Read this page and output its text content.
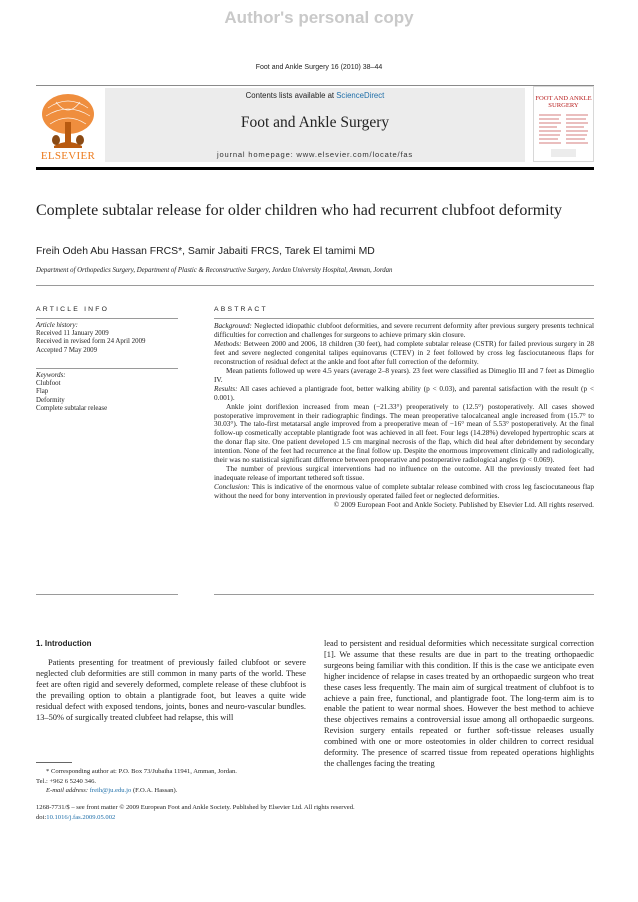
Author's personal copy
Foot and Ankle Surgery 16 (2010) 38–44
ELSEVIER
Contents lists available at ScienceDirect
Foot and Ankle Surgery
journal homepage: www.elsevier.com/locate/fas
FOOT AND ANKLE
SURGERY
Complete subtalar release for older children who had recurrent clubfoot deformity
Freih Odeh Abu Hassan FRCS*, Samir Jabaiti FRCS, Tarek El tamimi MD
Department of Orthopedics Surgery, Department of Plastic & Reconstructive Surgery, Jordan University Hospital, Amman, Jordan
ARTICLE INFO
Article history:
Received 11 January 2009
Received in revised form 24 April 2009
Accepted 7 May 2009
Keywords:
Clubfoot
Flap
Deformity
Complete subtalar release
ABSTRACT

Background: Neglected idiopathic clubfoot deformities, and severe recurrent deformity after previous surgery presents technical difficulties for correction and challenges for surgeons to achieve primary skin closure.

Methods: Between 2000 and 2006, 18 children (30 feet), had complete subtalar release (CSTR) for failed previous surgery in 28 feet and severe neglected congenital talipes equinovarus (CTEV) in 2 feet followed by cross leg fasciocutaneous flaps for reconstruction of residual defect at the ankle and foot after full correction of the deformity.

Mean patients followed up were 4.5 years (average 2–8 years). 23 feet were classified as Dimeglio III and 7 feet as Dimeglio IV.

Results: All cases achieved a plantigrade foot, better walking ability (p < 0.03), and parental satisfaction with the result (p < 0.001).

Ankle joint doriflexion increased from mean (−21.33°) preoperatively to (12.5°) postoperatively. All cases showed postoperative improvement in their radiographic findings. The mean preoperative talocalcaneal angle increased from (15.7° to 30.03°). The talo-first metatarsal angle improved from a preoperative mean of −16° mean of 5.53° postoperatively. At the final follow-up cosmetically acceptable plantigrade foot was achieved in all feet. Four legs (14.28%) developed hypertrophic scars at the donar flap site. One patient developed 1.5 cm marginal necrosis of the flap, which did heal after debridement by secondary intention. None of the feet had recurrence at the final follow up. Despite the enormous improvement clinically and radiologically, their was no statistical significant difference between preoperative and postoperative radiological angles (p < 0.069).

The number of previous surgical interventions had no influence on the outcome. All the previously treated feet had inadequate release of important tethered soft tissue.

Conclusion: This is indicative of the enormous value of complete subtalar release combined with cross leg fasciocutaneous flap without the need for bony intervention in previously operated failed feet or neglected deformities.

© 2009 European Foot and Ankle Society. Published by Elsevier Ltd. All rights reserved.

1. Introduction

Patients presenting for treatment of previously failed clubfoot or severe neglected club deformities are still common in many parts of the world. These feet are often rigid and severely deformed, complete release of these clubfoot is the prevailing option to obtain a plantigrade foot, but leaves a quite wide residual defect with exposed tendons, joints, bones and neuro-vascular bundles. 13–50% of surgically treated clubfeet had relapse, this will

lead to persistent and residual deformities which necessitate surgical correction [1]. We assume that these results are due in part to the treating orthopaedic surgeons being familiar with this condition. If this is the case we anticipate even higher incidence of relapse in cases treated by an orthopaedic surgeon who treat these cases less frequently. The main aim of surgical treatment of clubfoot is to achieve a pain free, functional, and plantigrade foot. The long-term aim is to enable the patient to wear normal shoes. However the best method to achieve these objectives remains a controversial issue among all orthopaedic surgeons. Revision surgery entails repeated or further soft-tissue releases usually combined with one or more osteotomies in older children to correct residual deformity. The presence of scarred tissue from repeated operations highlights the challenges facing the treating

* Corresponding author at: P.O. Box 73/Jubaiha 11941, Amman, Jordan.
Tel.: +962 6 5240 346.
E-mail address: freih@ju.edu.jo (F.O.A. Hassan).
1268-7731/$ – see front matter © 2009 European Foot and Ankle Society. Published by Elsevier Ltd. All rights reserved.
doi:10.1016/j.fas.2009.05.002
